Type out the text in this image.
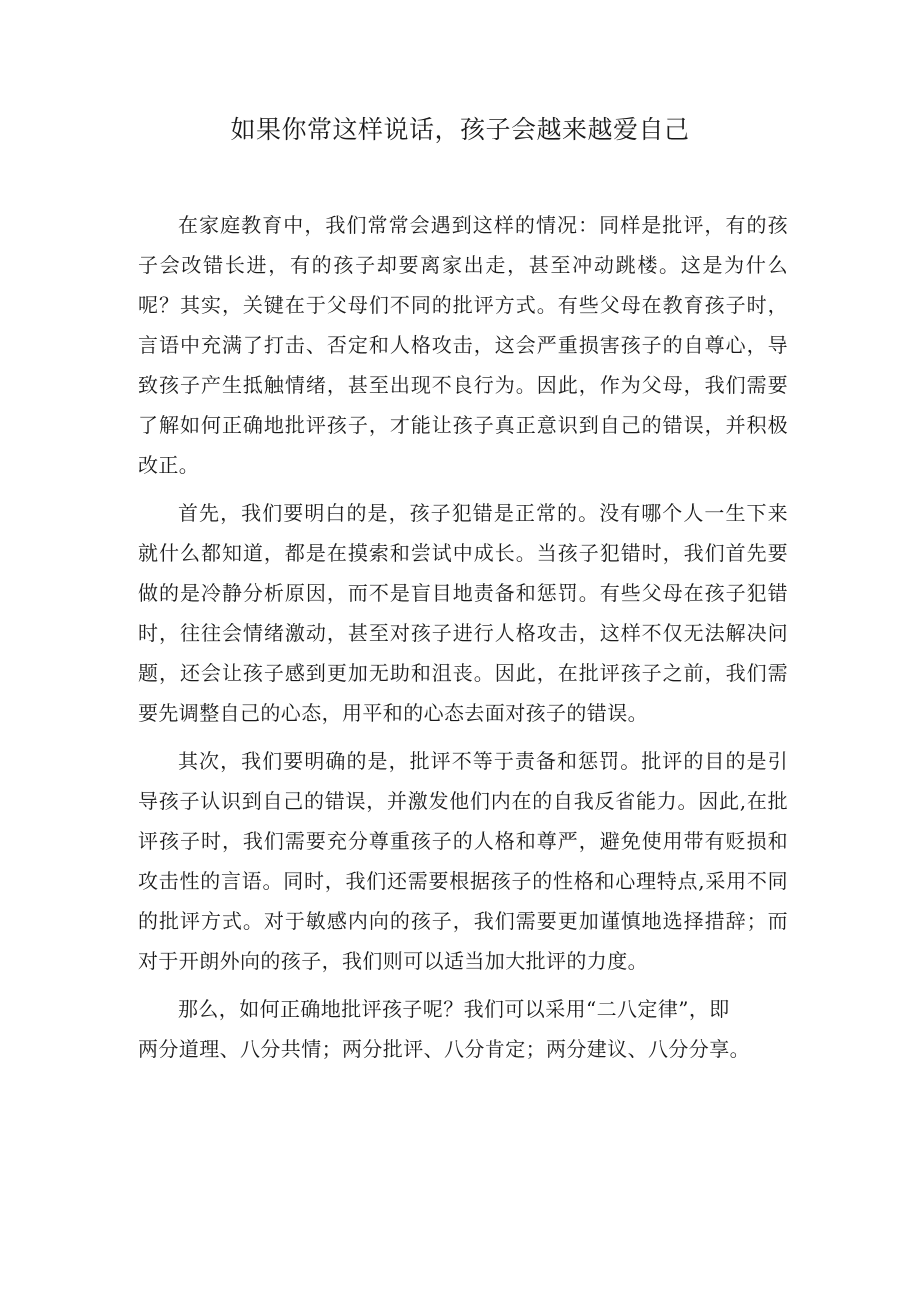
如果你常这样说话，孩子会越来越爱自己

在家庭教育中，我们常常会遇到这样的情况：同样是批评，有的孩子会改错长进，有的孩子却要离家出走，甚至冲动跳楼。这是为什么呢？其实，关键在于父母们不同的批评方式。有些父母在教育孩子时，言语中充满了打击、否定和人格攻击，这会严重损害孩子的自尊心，导致孩子产生抵触情绪，甚至出现不良行为。因此，作为父母，我们需要了解如何正确地批评孩子，才能让孩子真正意识到自己的错误，并积极改正。

首先，我们要明白的是，孩子犯错是正常的。没有哪个人一生下来就什么都知道，都是在摸索和尝试中成长。当孩子犯错时，我们首先要做的是冷静分析原因，而不是盲目地责备和惩罚。有些父母在孩子犯错时，往往会情绪激动，甚至对孩子进行人格攻击，这样不仅无法解决问题，还会让孩子感到更加无助和沮丧。因此，在批评孩子之前，我们需要先调整自己的心态，用平和的心态去面对孩子的错误。

其次，我们要明确的是，批评不等于责备和惩罚。批评的目的是引导孩子认识到自己的错误，并激发他们内在的自我反省能力。因此,在批评孩子时，我们需要充分尊重孩子的人格和尊严，避免使用带有贬损和攻击性的言语。同时，我们还需要根据孩子的性格和心理特点,采用不同的批评方式。对于敏感内向的孩子，我们需要更加谨慎地选择措辞；而对于开朗外向的孩子，我们则可以适当加大批评的力度。

那么，如何正确地批评孩子呢？我们可以采用“二八定律”，即

两分道理、八分共情；两分批评、八分肯定；两分建议、八分分享。
